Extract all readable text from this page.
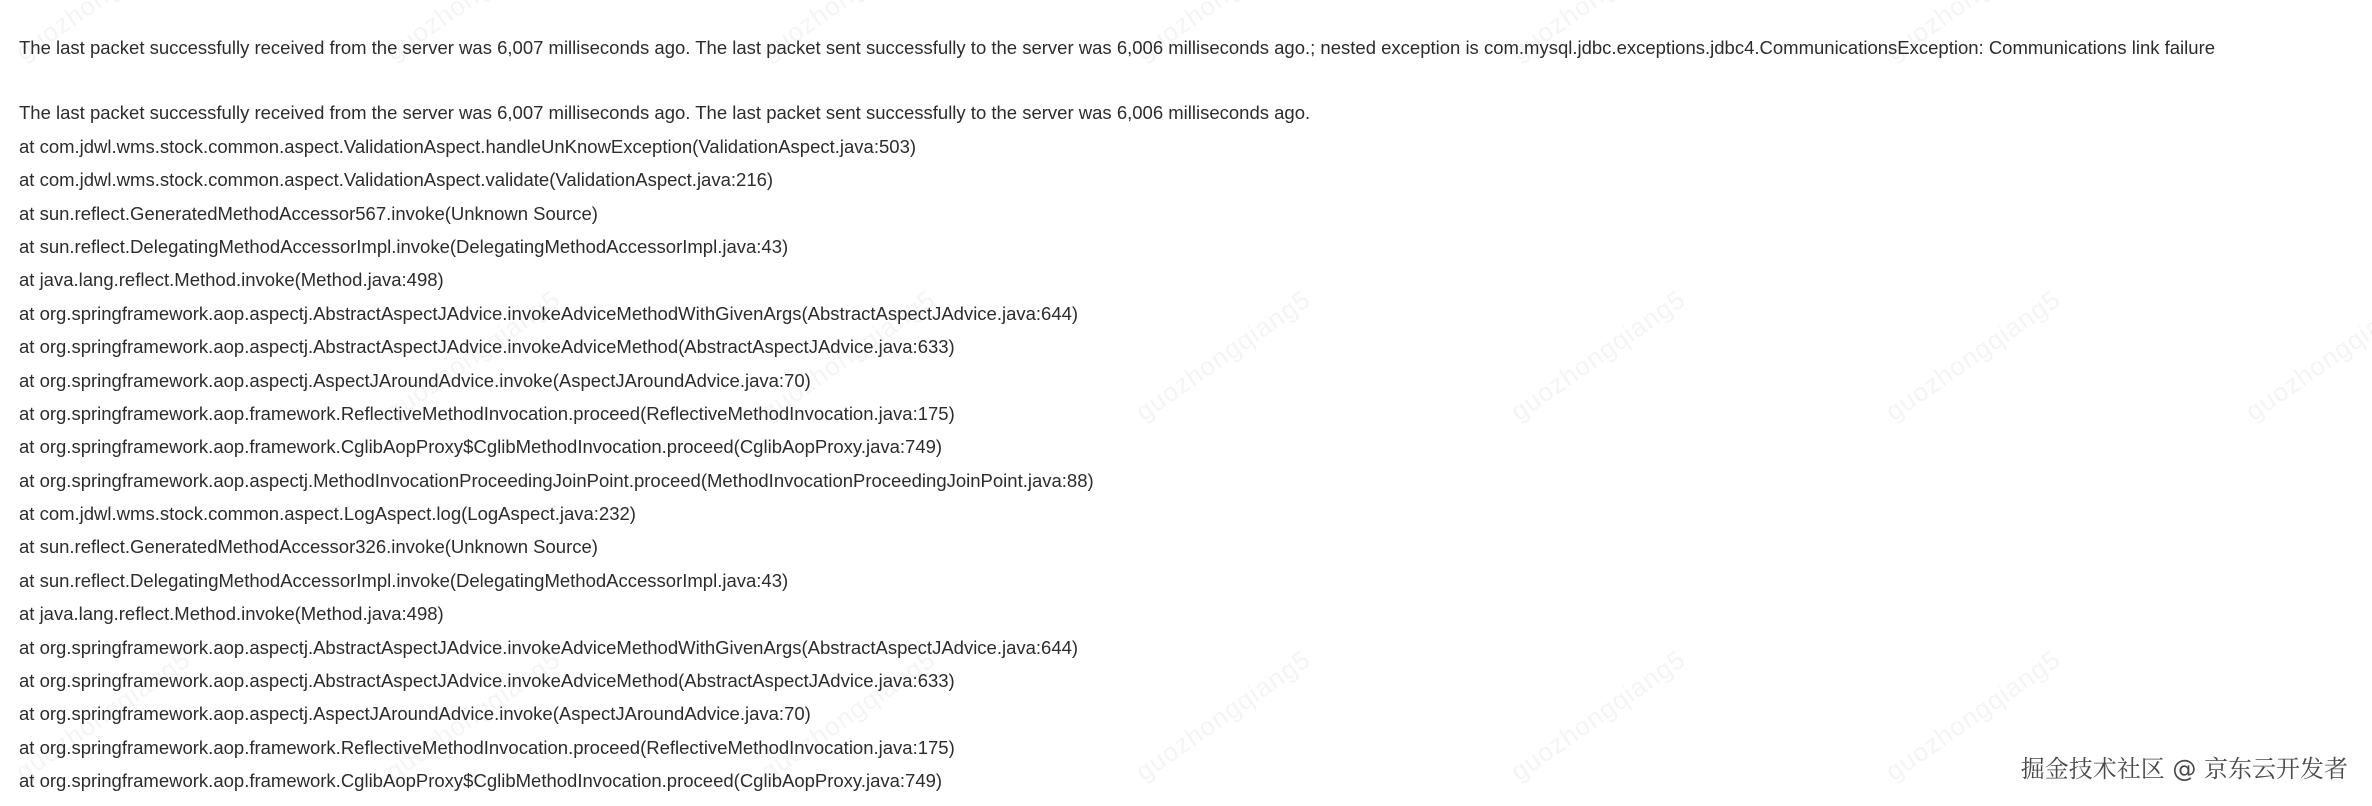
The last packet successfully received from the server was 6,007 milliseconds ago. The last packet sent successfully to the server was 6,006 milliseconds ago.; nested exception is com.mysql.jdbc.exceptions.jdbc4.CommunicationsException: Communications link failure
The last packet successfully received from the server was 6,007 milliseconds ago. The last packet sent successfully to the server was 6,006 milliseconds ago.
at com.jdwl.wms.stock.common.aspect.ValidationAspect.handleUnKnowException(ValidationAspect.java:503)
at com.jdwl.wms.stock.common.aspect.ValidationAspect.validate(ValidationAspect.java:216)
at sun.reflect.GeneratedMethodAccessor567.invoke(Unknown Source)
at sun.reflect.DelegatingMethodAccessorImpl.invoke(DelegatingMethodAccessorImpl.java:43)
at java.lang.reflect.Method.invoke(Method.java:498)
at org.springframework.aop.aspectj.AbstractAspectJAdvice.invokeAdviceMethodWithGivenArgs(AbstractAspectJAdvice.java:644)
at org.springframework.aop.aspectj.AbstractAspectJAdvice.invokeAdviceMethod(AbstractAspectJAdvice.java:633)
at org.springframework.aop.aspectj.AspectJAroundAdvice.invoke(AspectJAroundAdvice.java:70)
at org.springframework.aop.framework.ReflectiveMethodInvocation.proceed(ReflectiveMethodInvocation.java:175)
at org.springframework.aop.framework.CglibAopProxy$CglibMethodInvocation.proceed(CglibAopProxy.java:749)
at org.springframework.aop.aspectj.MethodInvocationProceedingJoinPoint.proceed(MethodInvocationProceedingJoinPoint.java:88)
at com.jdwl.wms.stock.common.aspect.LogAspect.log(LogAspect.java:232)
at sun.reflect.GeneratedMethodAccessor326.invoke(Unknown Source)
at sun.reflect.DelegatingMethodAccessorImpl.invoke(DelegatingMethodAccessorImpl.java:43)
at java.lang.reflect.Method.invoke(Method.java:498)
at org.springframework.aop.aspectj.AbstractAspectJAdvice.invokeAdviceMethodWithGivenArgs(AbstractAspectJAdvice.java:644)
at org.springframework.aop.aspectj.AbstractAspectJAdvice.invokeAdviceMethod(AbstractAspectJAdvice.java:633)
at org.springframework.aop.aspectj.AspectJAroundAdvice.invoke(AspectJAroundAdvice.java:70)
at org.springframework.aop.framework.ReflectiveMethodInvocation.proceed(ReflectiveMethodInvocation.java:175)
at org.springframework.aop.framework.CglibAopProxy$CglibMethodInvocation.proceed(CglibAopProxy.java:749)	掘金技术社区 @ 京东云开发者
